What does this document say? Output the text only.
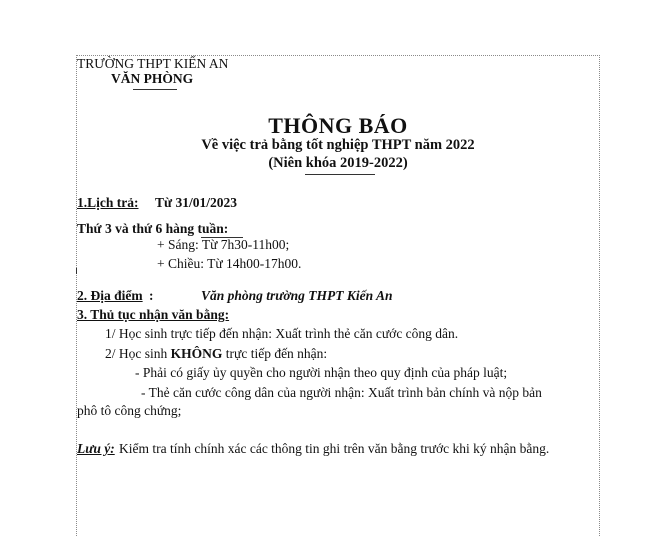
TRƯỜNG THPT KIẾN AN
VĂN PHÒNG
THÔNG BÁO
Về việc trả bằng tốt nghiệp THPT năm 2022
(Niên khóa 2019-2022)
1.Lịch trả: Từ 31/01/2023
Thứ 3 và thứ 6 hàng tuần:
+ Sáng: Từ 7h30-11h00;
+ Chiều: Từ 14h00-17h00.
2. Địa điểm :	Văn phòng trường THPT Kiến An
3. Thủ tục nhận văn bằng:
1/ Học sinh trực tiếp đến nhận: Xuất trình thẻ căn cước công dân.
2/ Học sinh KHÔNG trực tiếp đến nhận:
- Phải có giấy ủy quyền cho người nhận theo quy định của pháp luật;
- Thẻ căn cước công dân của người nhận: Xuất trình bản chính và nộp bản
phô tô công chứng;
Lưu ý: Kiểm tra tính chính xác các thông tin ghi trên văn bằng trước khi ký nhận bằng.
